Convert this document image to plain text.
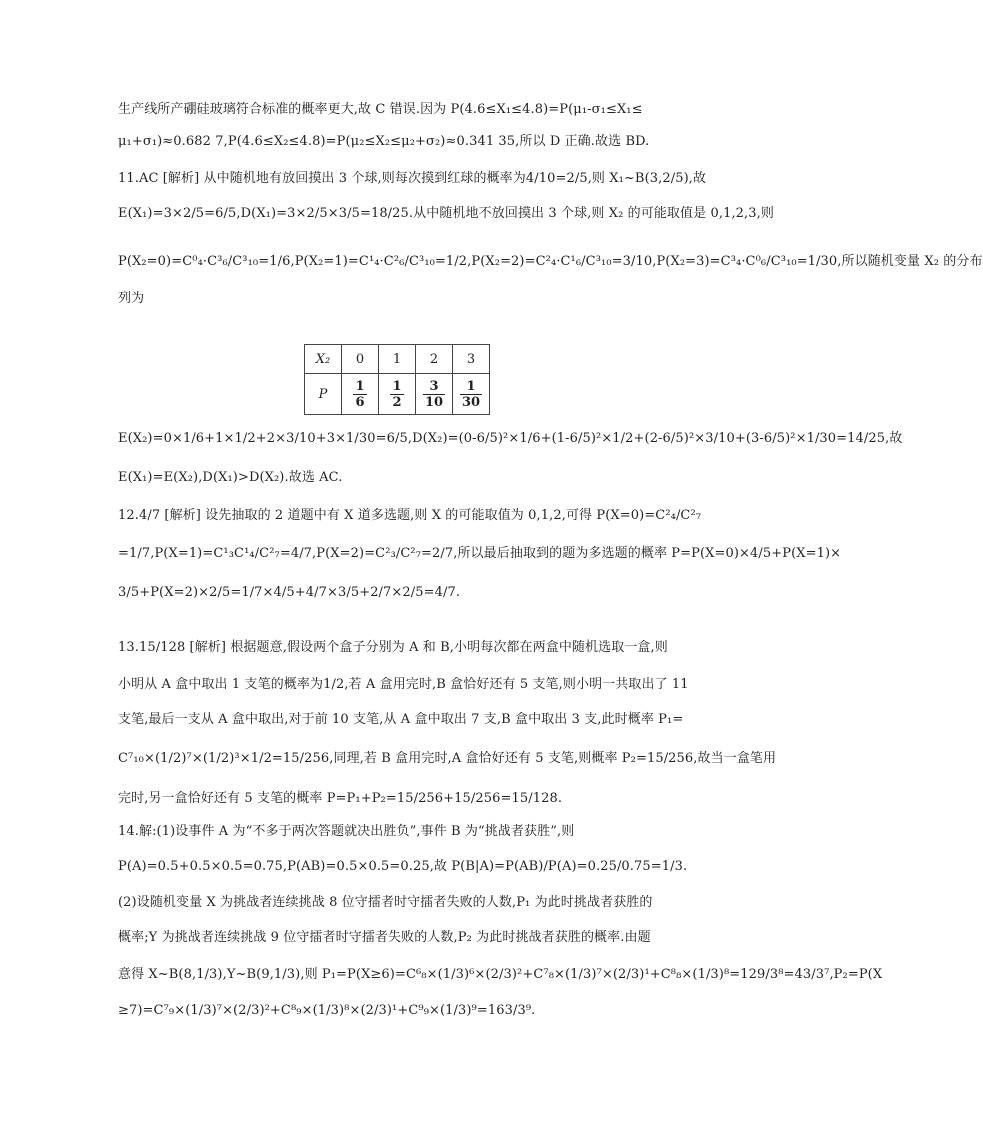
生产线所产硼硅玻璃符合标准的概率更大,故 C 错误.因为 P(4.6≤X₁≤4.8)=P(μ₁-σ₁≤X₁≤
μ₁+σ₁)≈0.682 7,P(4.6≤X₂≤4.8)=P(μ₂≤X₂≤μ₂+σ₂)≈0.341 35,所以 D 正确.故选 BD.
11.AC [解析] 从中随机地有放回摸出 3 个球,则每次摸到红球的概率为4/10=2/5,则 X₁~B(3,2/5),故
E(X₁)=3×2/5=6/5,D(X₁)=3×2/5×3/5=18/25.从中随机地不放回摸出 3 个球,则 X₂ 的可能取值是 0,1,2,3,则
P(X₂=0)=C⁰₄·C³₆/C³₁₀=1/6,P(X₂=1)=C¹₄·C²₆/C³₁₀=1/2,P(X₂=2)=C²₄·C¹₆/C³₁₀=3/10,P(X₂=3)=C³₄·C⁰₆/C³₁₀=1/30,所以随机变量 X₂ 的分布
列为
X₂	0	1	2	3
P	$\frac{1}{6}$	$\frac{1}{2}$	$\frac{3}{10}$	$\frac{1}{30}$
E(X₂)=0×1/6+1×1/2+2×3/10+3×1/30=6/5,D(X₂)=(0-6/5)²×1/6+(1-6/5)²×1/2+(2-6/5)²×3/10+(3-6/5)²×1/30=14/25,故
E(X₁)=E(X₂),D(X₁)>D(X₂).故选 AC.
12.4/7 [解析] 设先抽取的 2 道题中有 X 道多选题,则 X 的可能取值为 0,1,2,可得 P(X=0)=C²₄/C²₇
=1/7,P(X=1)=C¹₃C¹₄/C²₇=4/7,P(X=2)=C²₃/C²₇=2/7,所以最后抽取到的题为多选题的概率 P=P(X=0)×4/5+P(X=1)×
3/5+P(X=2)×2/5=1/7×4/5+4/7×3/5+2/7×2/5=4/7.
13.15/128 [解析] 根据题意,假设两个盒子分别为 A 和 B,小明每次都在两盒中随机选取一盒,则
小明从 A 盒中取出 1 支笔的概率为1/2,若 A 盒用完时,B 盒恰好还有 5 支笔,则小明一共取出了 11
支笔,最后一支从 A 盒中取出,对于前 10 支笔,从 A 盒中取出 7 支,B 盒中取出 3 支,此时概率 P₁=
C⁷₁₀×(1/2)⁷×(1/2)³×1/2=15/256,同理,若 B 盒用完时,A 盒恰好还有 5 支笔,则概率 P₂=15/256,故当一盒笔用
完时,另一盒恰好还有 5 支笔的概率 P=P₁+P₂=15/256+15/256=15/128.
14.解:(1)设事件 A 为“不多于两次答题就决出胜负”,事件 B 为“挑战者获胜”,则
P(A)=0.5+0.5×0.5=0.75,P(AB)=0.5×0.5=0.25,故 P(B|A)=P(AB)/P(A)=0.25/0.75=1/3.
(2)设随机变量 X 为挑战者连续挑战 8 位守擂者时守擂者失败的人数,P₁ 为此时挑战者获胜的
概率;Y 为挑战者连续挑战 9 位守擂者时守擂者失败的人数,P₂ 为此时挑战者获胜的概率.由题
意得 X~B(8,1/3),Y~B(9,1/3),则 P₁=P(X≥6)=C⁶₈×(1/3)⁶×(2/3)²+C⁷₈×(1/3)⁷×(2/3)¹+C⁸₈×(1/3)⁸=129/3⁸=43/3⁷,P₂=P(X
≥7)=C⁷₉×(1/3)⁷×(2/3)²+C⁸₉×(1/3)⁸×(2/3)¹+C⁹₉×(1/3)⁹=163/3⁹.
